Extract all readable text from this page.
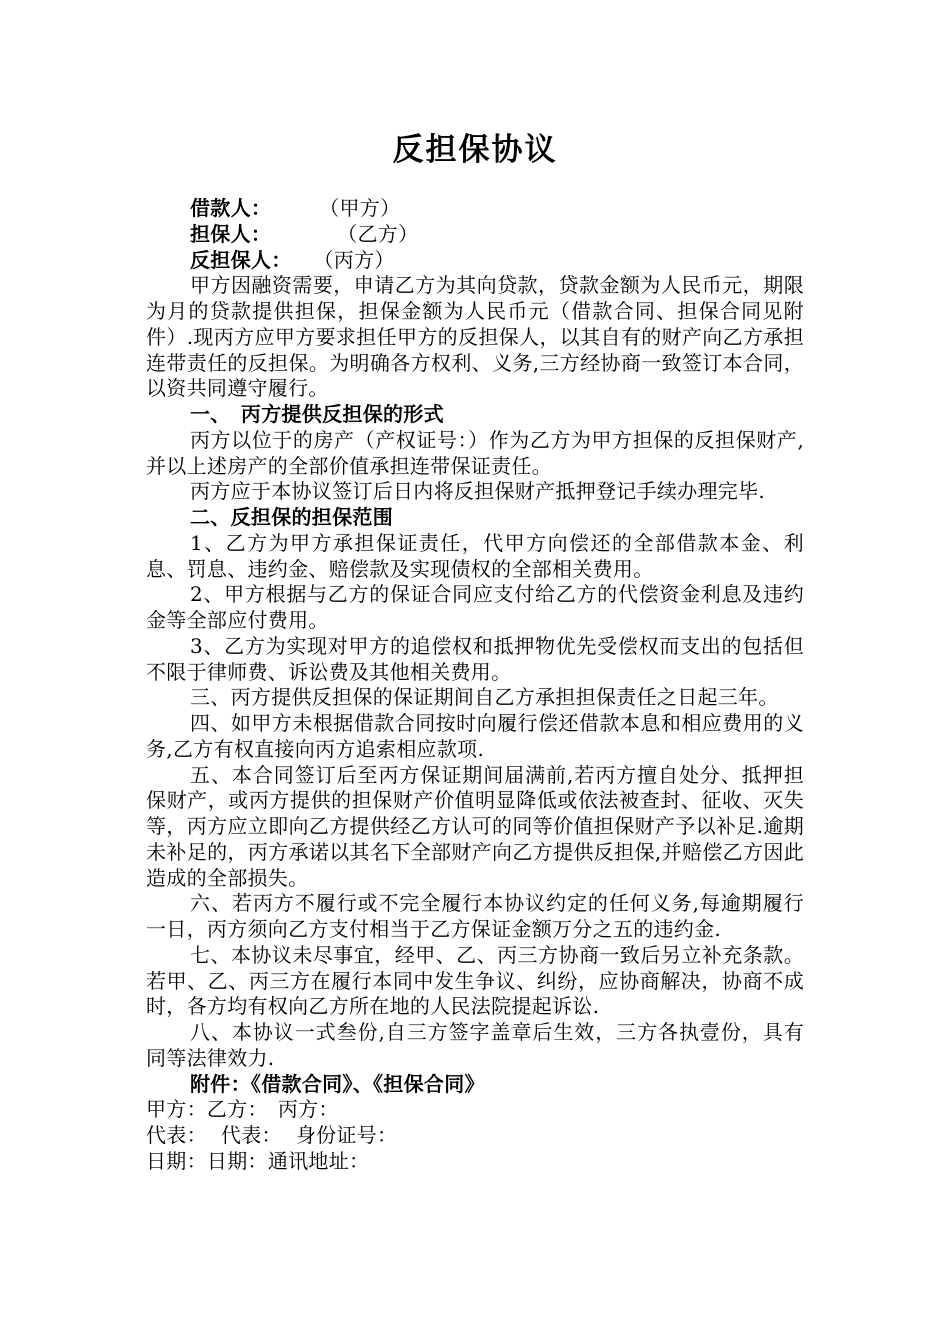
反担保协议
借款人： （甲方）
担保人：	（乙方）
反担保人： （丙方）
甲方因融资需要，申请乙方为其向贷款，贷款金额为人民币元，期限为月的贷款提供担保，担保金额为人民币元（借款合同、担保合同见附件）.现丙方应甲方要求担任甲方的反担保人，以其自有的财产向乙方承担连带责任的反担保。为明确各方权利、义务,三方经协商一致签订本合同，以资共同遵守履行。
一、　丙方提供反担保的形式
丙方以位于的房产（产权证号：）作为乙方为甲方担保的反担保财产,并以上述房产的全部价值承担连带保证责任。
丙方应于本协议签订后日内将反担保财产抵押登记手续办理完毕.
二、反担保的担保范围
1、乙方为甲方承担保证责任，代甲方向偿还的全部借款本金、利息、罚息、违约金、赔偿款及实现债权的全部相关费用。
2、甲方根据与乙方的保证合同应支付给乙方的代偿资金利息及违约金等全部应付费用。
3、乙方为实现对甲方的追偿权和抵押物优先受偿权而支出的包括但不限于律师费、诉讼费及其他相关费用。
三、丙方提供反担保的保证期间自乙方承担担保责任之日起三年。
四、如甲方未根据借款合同按时向履行偿还借款本息和相应费用的义务,乙方有权直接向丙方追索相应款项.
五、本合同签订后至丙方保证期间届满前,若丙方擅自处分、抵押担保财产，或丙方提供的担保财产价值明显降低或依法被查封、征收、灭失等，丙方应立即向乙方提供经乙方认可的同等价值担保财产予以补足.逾期未补足的，丙方承诺以其名下全部财产向乙方提供反担保,并赔偿乙方因此造成的全部损失。
六、若丙方不履行或不完全履行本协议约定的任何义务,每逾期履行一日，丙方须向乙方支付相当于乙方保证金额万分之五的违约金.
七、本协议未尽事宜，经甲、乙、丙三方协商一致后另立补充条款。若甲、乙、丙三方在履行本同中发生争议、纠纷，应协商解决，协商不成时，各方均有权向乙方所在地的人民法院提起诉讼.
八、本协议一式叁份,自三方签字盖章后生效，三方各执壹份，具有同等法律效力.
附件：《借款合同》、《担保合同》
甲方：乙方： 丙方：
代表： 代表： 身份证号：
日期：日期：通讯地址：
